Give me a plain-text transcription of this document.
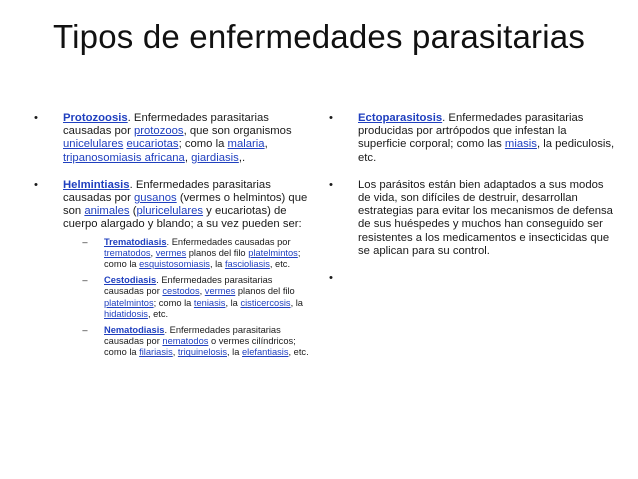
Tipos de enfermedades parasitarias
•	Protozoosis. Enfermedades parasitarias causadas por protozoos, que son organismos unicelulares eucariotas; como la malaria, tripanosomiasis africana, giardiasis,.
•	Helmintiasis. Enfermedades parasitarias causadas por gusanos (vermes o helmintos) que son animales (pluricelulares y eucariotas) de cuerpo alargado y blando; a su vez pueden ser:
–	Trematodiasis. Enfermedades causadas por trematodos, vermes planos del filo platelmintos; como la esquistosomiasis, la fascioliasis, etc.
–	Cestodiasis. Enfermedades parasitarias causadas por cestodos, vermes planos del filo platelmintos; como la teniasis, la cisticercosis, la hidatidosis, etc.
–	Nematodiasis. Enfermedades parasitarias causadas por nematodos o vermes cilíndricos; como la filariasis, triquinelosis, la elefantiasis, etc.
•	Ectoparasitosis. Enfermedades parasitarias producidas por artrópodos que infestan la superficie corporal; como las miasis, la pediculosis, etc.
•	Los parásitos están bien adaptados a sus modos de vida, son difíciles de destruir, desarrollan estrategias para evitar los mecanismos de defensa de sus huéspedes y muchos han conseguido ser resistentes a los medicamentos e insecticidas que se aplican para su control.
•
